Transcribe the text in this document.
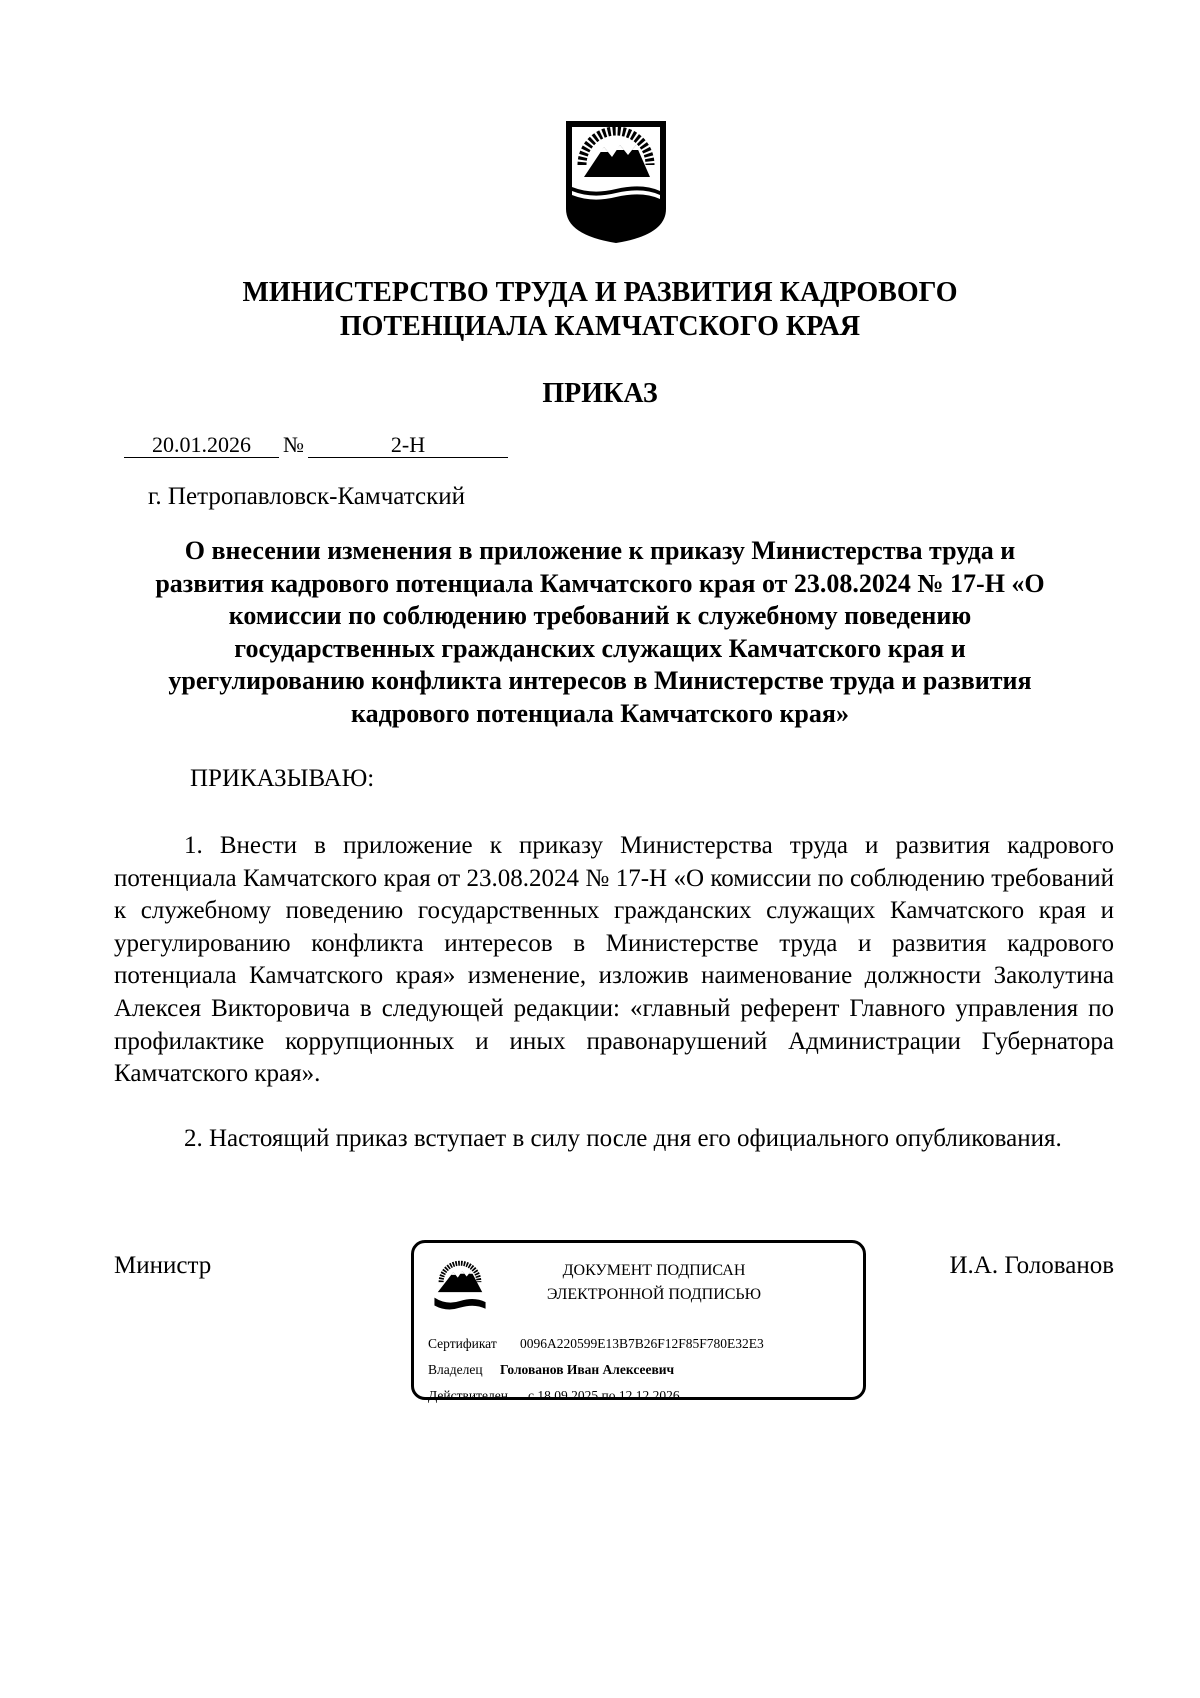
МИНИСТЕРСТВО ТРУДА И РАЗВИТИЯ КАДРОВОГО
ПОТЕНЦИАЛА КАМЧАТСКОГО КРАЯ
ПРИКАЗ
20.01.2026 №	2-Н
г. Петропавловск-Камчатский
О внесении изменения в приложение к приказу Министерства труда и развития кадрового потенциала Камчатского края от 23.08.2024 № 17-Н «О комиссии по соблюдению требований к служебному поведению государственных гражданских служащих Камчатского края и урегулированию конфликта интересов в Министерстве труда и развития кадрового потенциала Камчатского края»
ПРИКАЗЫВАЮ:

1. Внести в приложение к приказу Министерства труда и развития кадрового потенциала Камчатского края от 23.08.2024 № 17-Н «О комиссии по соблюдению требований к служебному поведению государственных гражданских служащих Камчатского края и урегулированию конфликта интересов в Министерстве труда и развития кадрового потенциала Камчатского края» изменение, изложив наименование должности Заколутина Алексея Викторовича в следующей редакции: «главный референт Главного управления по профилактике коррупционных и иных правонарушений Администрации Губернатора Камчатского края».

2. Настоящий приказ вступает в силу после дня его официального опубликования.

Министр	И.А. Голованов
ДОКУМЕНТ ПОДПИСАН
ЭЛЕКТРОННОЙ ПОДПИСЬЮ
Сертификат 0096A220599E13B7B26F12F85F780E32E3
Владелец Голованов Иван Алексеевич
Действителен с 18.09.2025 по 12.12.2026
